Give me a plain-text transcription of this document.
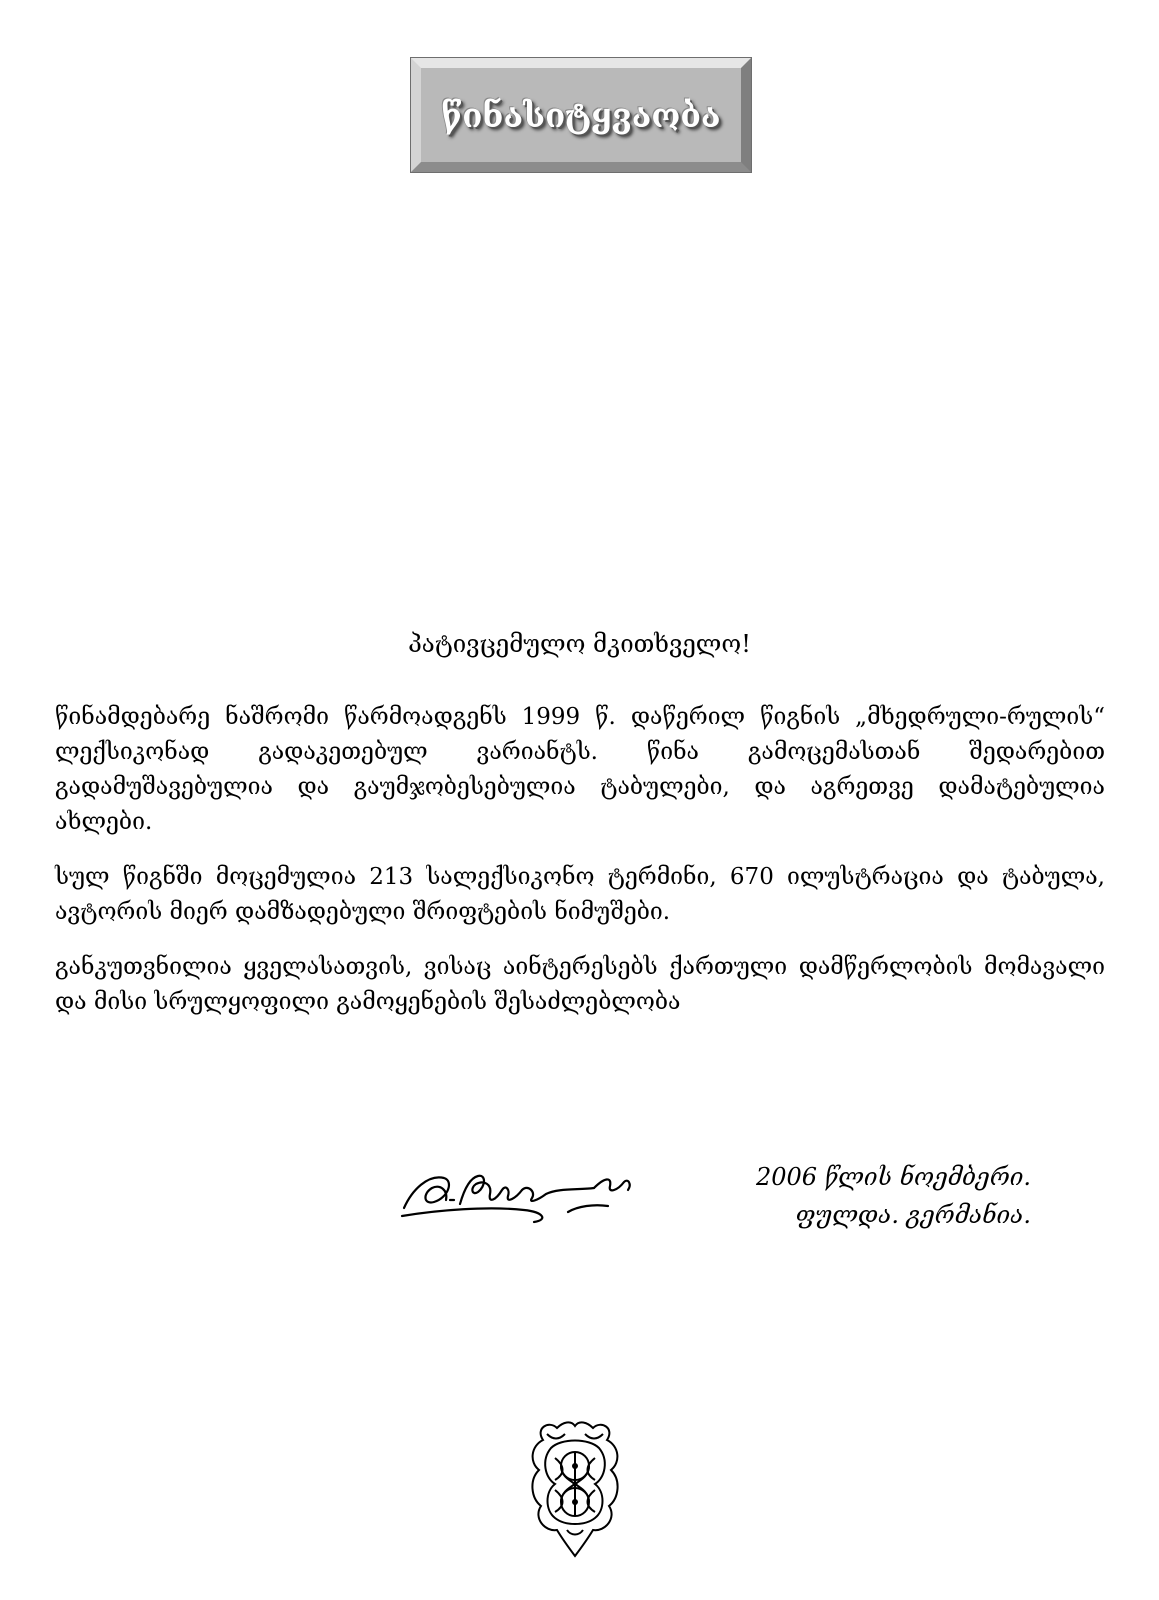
წინასიტყვაობა
პატივცემულო მკითხველო!

წინამდებარე ნაშრომი წარმოადგენს 1999 წ. დაწერილ წიგნის „მხედრული-რულის“ ლექსიკონად გადაკეთებულ ვარიანტს. წინა გამოცემასთან შედარებით გადამუშავებულია და გაუმჯობესებულია ტაბულები, და აგრეთვე დამატებულია ახლები.

სულ წიგნში მოცემულია 213 სალექსიკონო ტერმინი, 670 ილუსტრაცია და ტაბულა, ავტორის მიერ დამზადებული შრიფტების ნიმუშები.

განკუთვნილია ყველასათვის, ვისაც აინტერესებს ქართული დამწერლობის მომავალი და მისი სრულყოფილი გამოყენების შესაძლებლობა

2006 წლის ნოემბერი.
ფულდა. გერმანია.
